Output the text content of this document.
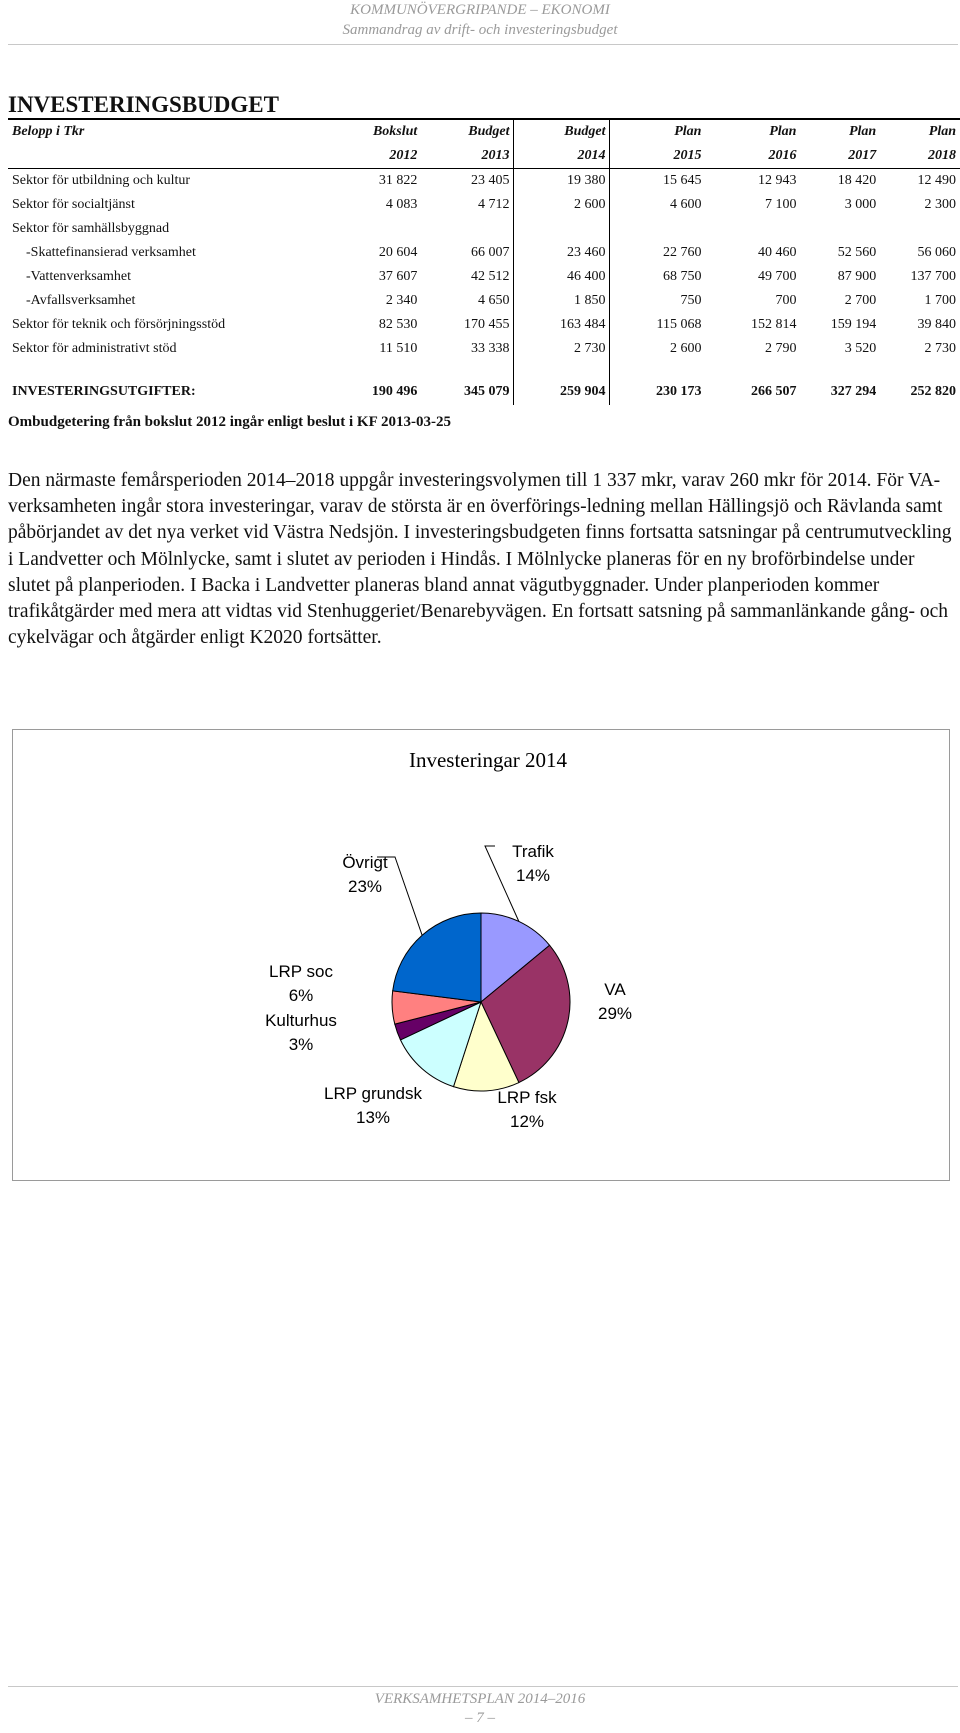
KOMMUNÖVERGRIPANDE – EKONOMI
Sammandrag av drift- och investeringsbudget
INVESTERINGSBUDGET
Belopp i Tkr	Bokslut	Budget	Budget	Plan	Plan	Plan	Plan
	2012	2013	2014	2015	2016	2017	2018
Sektor för utbildning och kultur	31 822	23 405	19 380	15 645	12 943	18 420	12 490
Sektor för socialtjänst	4 083	4 712	2 600	4 600	7 100	3 000	2 300
Sektor för samhällsbyggnad							
-Skattefinansierad verksamhet	20 604	66 007	23 460	22 760	40 460	52 560	56 060
-Vattenverksamhet	37 607	42 512	46 400	68 750	49 700	87 900	137 700
-Avfallsverksamhet	2 340	4 650	1 850	750	700	2 700	1 700
Sektor för teknik och försörjningsstöd	82 530	170 455	163 484	115 068	152 814	159 194	39 840
Sektor för administrativt stöd	11 510	33 338	2 730	2 600	2 790	3 520	2 730

INVESTERINGSUTGIFTER:	190 496	345 079	259 904	230 173	266 507	327 294	252 820
Ombudgetering från bokslut 2012 ingår enligt beslut i KF 2013-03-25

Den närmaste femårsperioden 2014–2018 uppgår investeringsvolymen till 1 337 mkr, varav 260 mkr för 2014. För VA-verksamheten ingår stora investeringar, varav de största är en överförings-ledning mellan Hällingsjö och Rävlanda samt påbörjandet av det nya verket vid Västra Nedsjön. I investeringsbudgeten finns fortsatta satsningar på centrumutveckling i Landvetter och Mölnlycke, samt i slutet av perioden i Hindås. I Mölnlycke planeras för en ny broförbindelse under slutet på planperioden. I Backa i Landvetter planeras bland annat vägutbyggnader. Under planperioden kommer trafikåtgärder med mera att vidtas vid Stenhuggeriet/Benarebyvägen. En fortsatt satsning på sammanlänkande gång- och cykelvägar och åtgärder enligt K2020 fortsätter.

Investeringar 2014
Trafik 14%
VA 29%
LRP fsk 12%
LRP grundsk 13%
Kulturhus 3%
LRP soc 6%
Övrigt 23%
VERKSAMHETSPLAN 2014–2016
– 7 –
